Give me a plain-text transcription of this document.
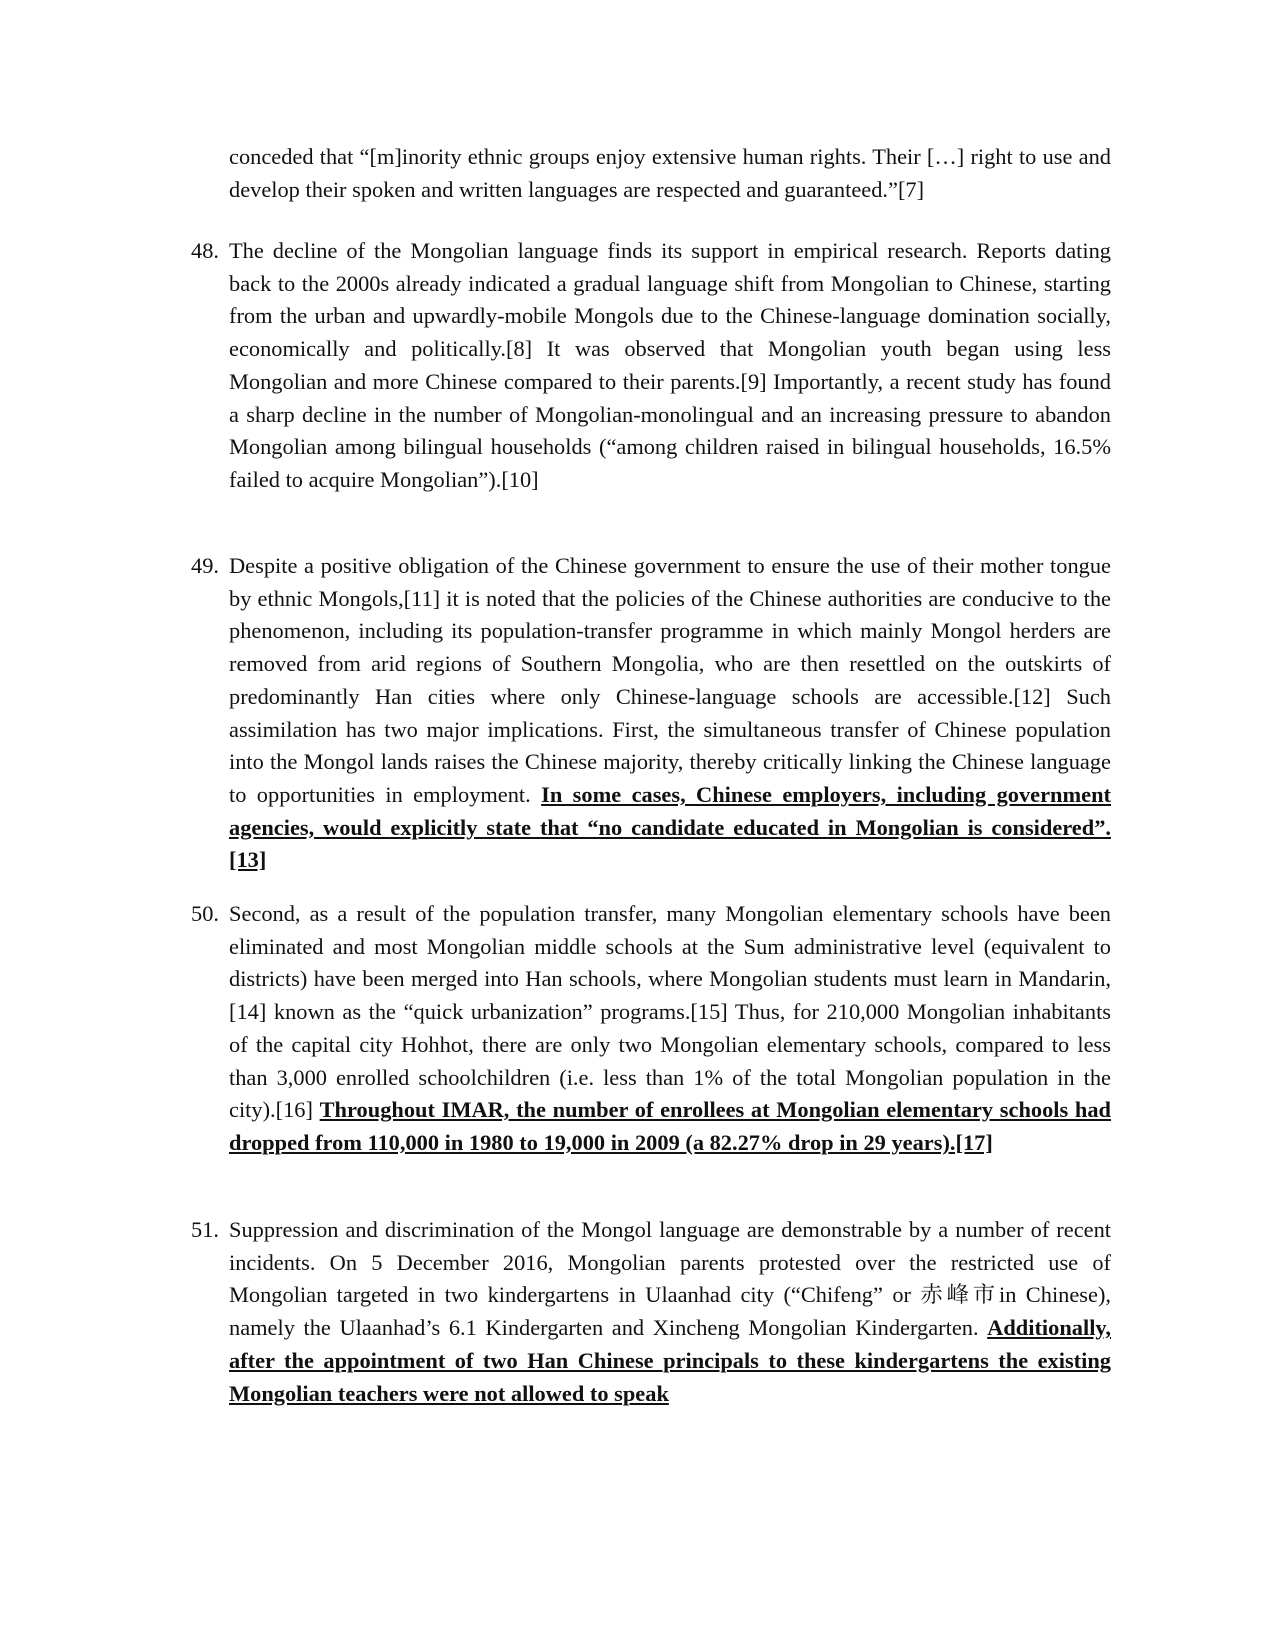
conceded that “[m]inority ethnic groups enjoy extensive human rights. Their […] right to use and develop their spoken and written languages are respected and guaranteed.”[7]
48. The decline of the Mongolian language finds its support in empirical research. Reports dating back to the 2000s already indicated a gradual language shift from Mongolian to Chinese, starting from the urban and upwardly-mobile Mongols due to the Chinese-language domination socially, economically and politically.[8] It was observed that Mongolian youth began using less Mongolian and more Chinese compared to their parents.[9] Importantly, a recent study has found a sharp decline in the number of Mongolian-monolingual and an increasing pressure to abandon Mongolian among bilingual households (“among children raised in bilingual households, 16.5% failed to acquire Mongolian”).[10]
49. Despite a positive obligation of the Chinese government to ensure the use of their mother tongue by ethnic Mongols,[11] it is noted that the policies of the Chinese authorities are conducive to the phenomenon, including its population-transfer programme in which mainly Mongol herders are removed from arid regions of Southern Mongolia, who are then resettled on the outskirts of predominantly Han cities where only Chinese-language schools are accessible.[12] Such assimilation has two major implications. First, the simultaneous transfer of Chinese population into the Mongol lands raises the Chinese majority, thereby critically linking the Chinese language to opportunities in employment. In some cases, Chinese employers, including government agencies, would explicitly state that “no candidate educated in Mongolian is considered”.[13]
50. Second, as a result of the population transfer, many Mongolian elementary schools have been eliminated and most Mongolian middle schools at the Sum administrative level (equivalent to districts) have been merged into Han schools, where Mongolian students must learn in Mandarin,[14] known as the “quick urbanization” programs.[15] Thus, for 210,000 Mongolian inhabitants of the capital city Hohhot, there are only two Mongolian elementary schools, compared to less than 3,000 enrolled schoolchildren (i.e. less than 1% of the total Mongolian population in the city).[16] Throughout IMAR, the number of enrollees at Mongolian elementary schools had dropped from 110,000 in 1980 to 19,000 in 2009 (a 82.27% drop in 29 years).[17]
51. Suppression and discrimination of the Mongol language are demonstrable by a number of recent incidents. On 5 December 2016, Mongolian parents protested over the restricted use of Mongolian targeted in two kindergartens in Ulaanhad city (“Chifeng” or 赤峰市in Chinese), namely the Ulaanhad’s 6.1 Kindergarten and Xincheng Mongolian Kindergarten. Additionally, after the appointment of two Han Chinese principals to these kindergartens the existing Mongolian teachers were not allowed to speak
